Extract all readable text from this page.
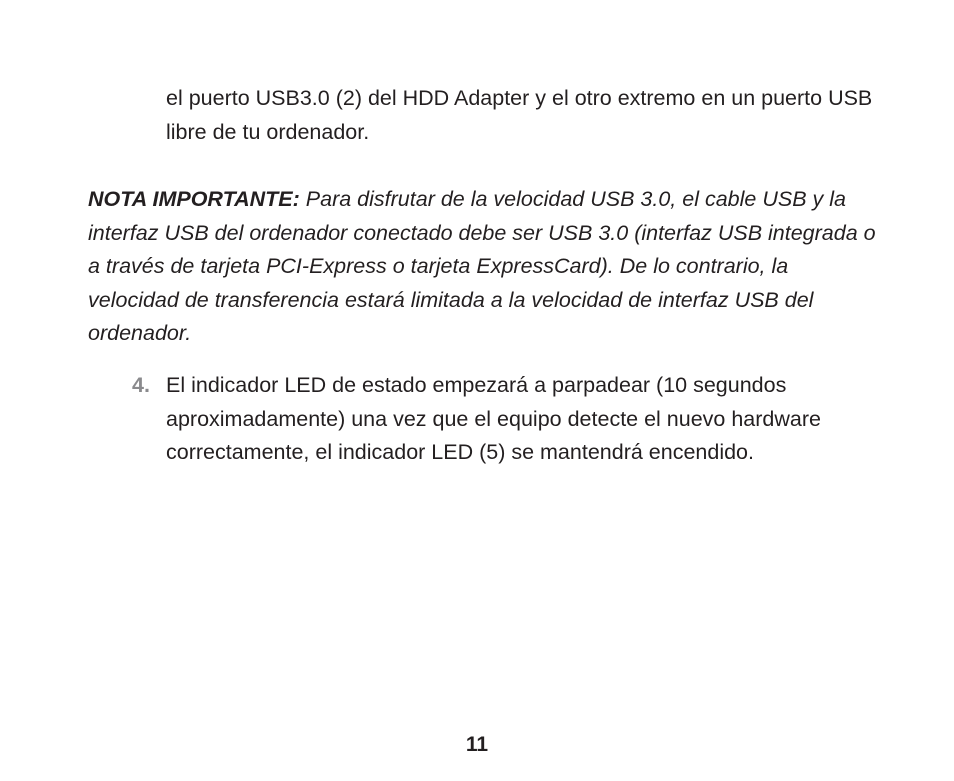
el puerto USB3.0 (2) del HDD Adapter y el otro extremo en un puerto USB libre de tu ordenador.
NOTA IMPORTANTE: Para disfrutar de la velocidad USB 3.0, el cable USB y la interfaz USB del ordenador conectado debe ser USB 3.0 (interfaz USB integrada o a través de tarjeta PCI-Express o tarjeta ExpressCard). De lo contrario, la velocidad de transferencia estará limitada a la velocidad de interfaz USB del ordenador.
4. El indicador LED de estado empezará a parpadear (10 segundos aproximadamente) una vez que el equipo detecte el nuevo hardware correctamente, el indicador LED (5) se mantendrá encendido.
11
